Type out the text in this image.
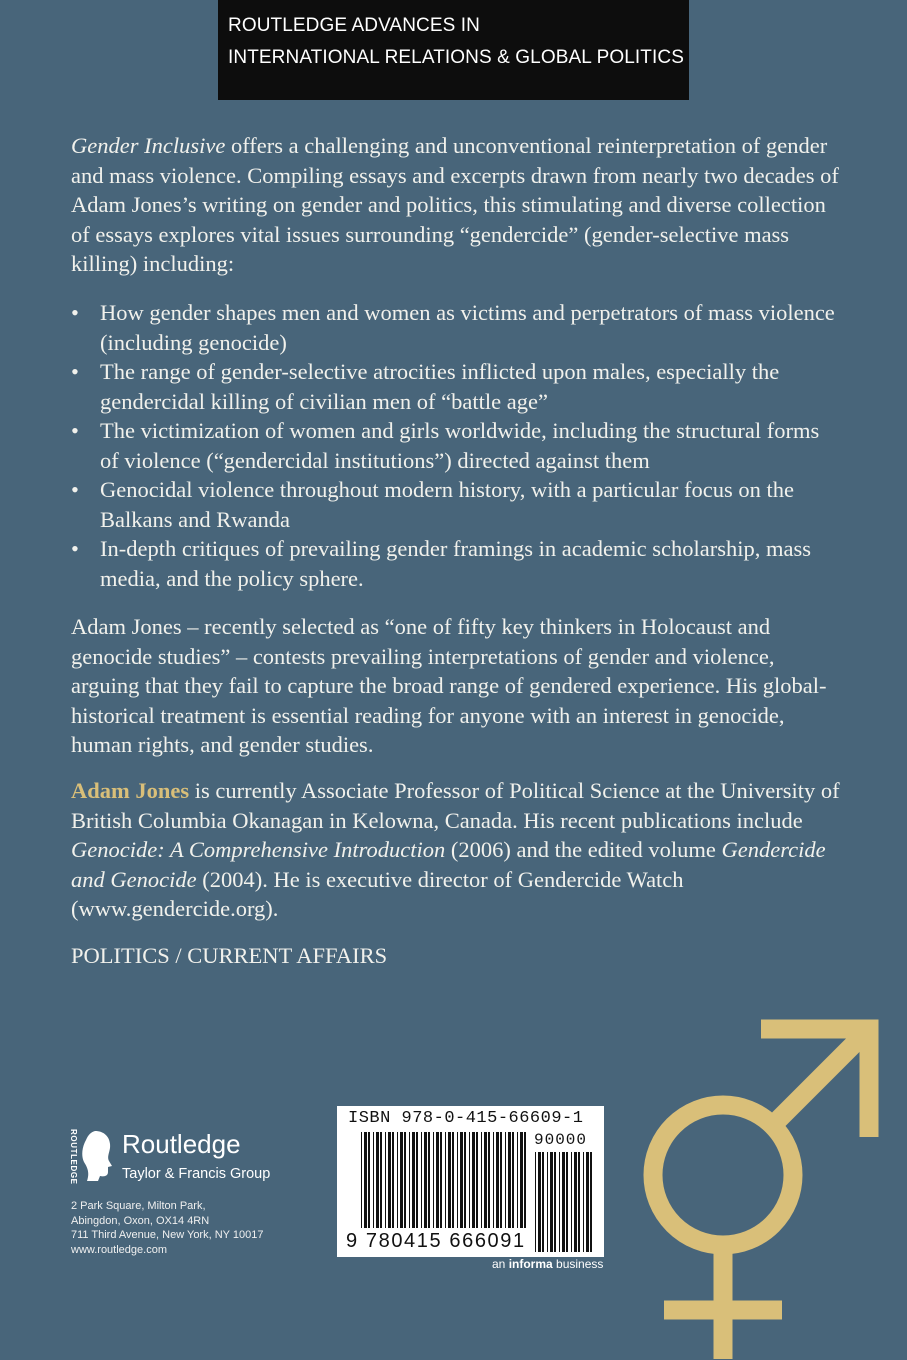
ROUTLEDGE ADVANCES IN
INTERNATIONAL RELATIONS & GLOBAL POLITICS
Gender Inclusive offers a challenging and unconventional reinterpretation of gender and mass violence. Compiling essays and excerpts drawn from nearly two decades of Adam Jones’s writing on gender and politics, this stimulating and diverse collection of essays explores vital issues surrounding “gendercide” (gender-selective mass killing) including:
• How gender shapes men and women as victims and perpetrators of mass violence (including genocide)
• The range of gender-selective atrocities inflicted upon males, especially the gendercidal killing of civilian men of “battle age”
• The victimization of women and girls worldwide, including the structural forms of violence (“gendercidal institutions”) directed against them
• Genocidal violence throughout modern history, with a particular focus on the Balkans and Rwanda
• In-depth critiques of prevailing gender framings in academic scholarship, mass media, and the policy sphere.
Adam Jones – recently selected as “one of fifty key thinkers in Holocaust and genocide studies” – contests prevailing interpretations of gender and violence, arguing that they fail to capture the broad range of gendered experience. His global-historical treatment is essential reading for anyone with an interest in genocide, human rights, and gender studies.
Adam Jones is currently Associate Professor of Political Science at the University of British Columbia Okanagan in Kelowna, Canada. His recent publications include Genocide: A Comprehensive Introduction (2006) and the edited volume Gendercide and Genocide (2004). He is executive director of Gendercide Watch (www.gendercide.org).
POLITICS / CURRENT AFFAIRS
ROUTLEDGE Routledge
Taylor & Francis Group
2 Park Square, Milton Park,
Abingdon, Oxon, OX14 4RN
711 Third Avenue, New York, NY 10017
www.routledge.com
ISBN 978-0-415-66609-1
90000
9 780415 666091
an informa business
